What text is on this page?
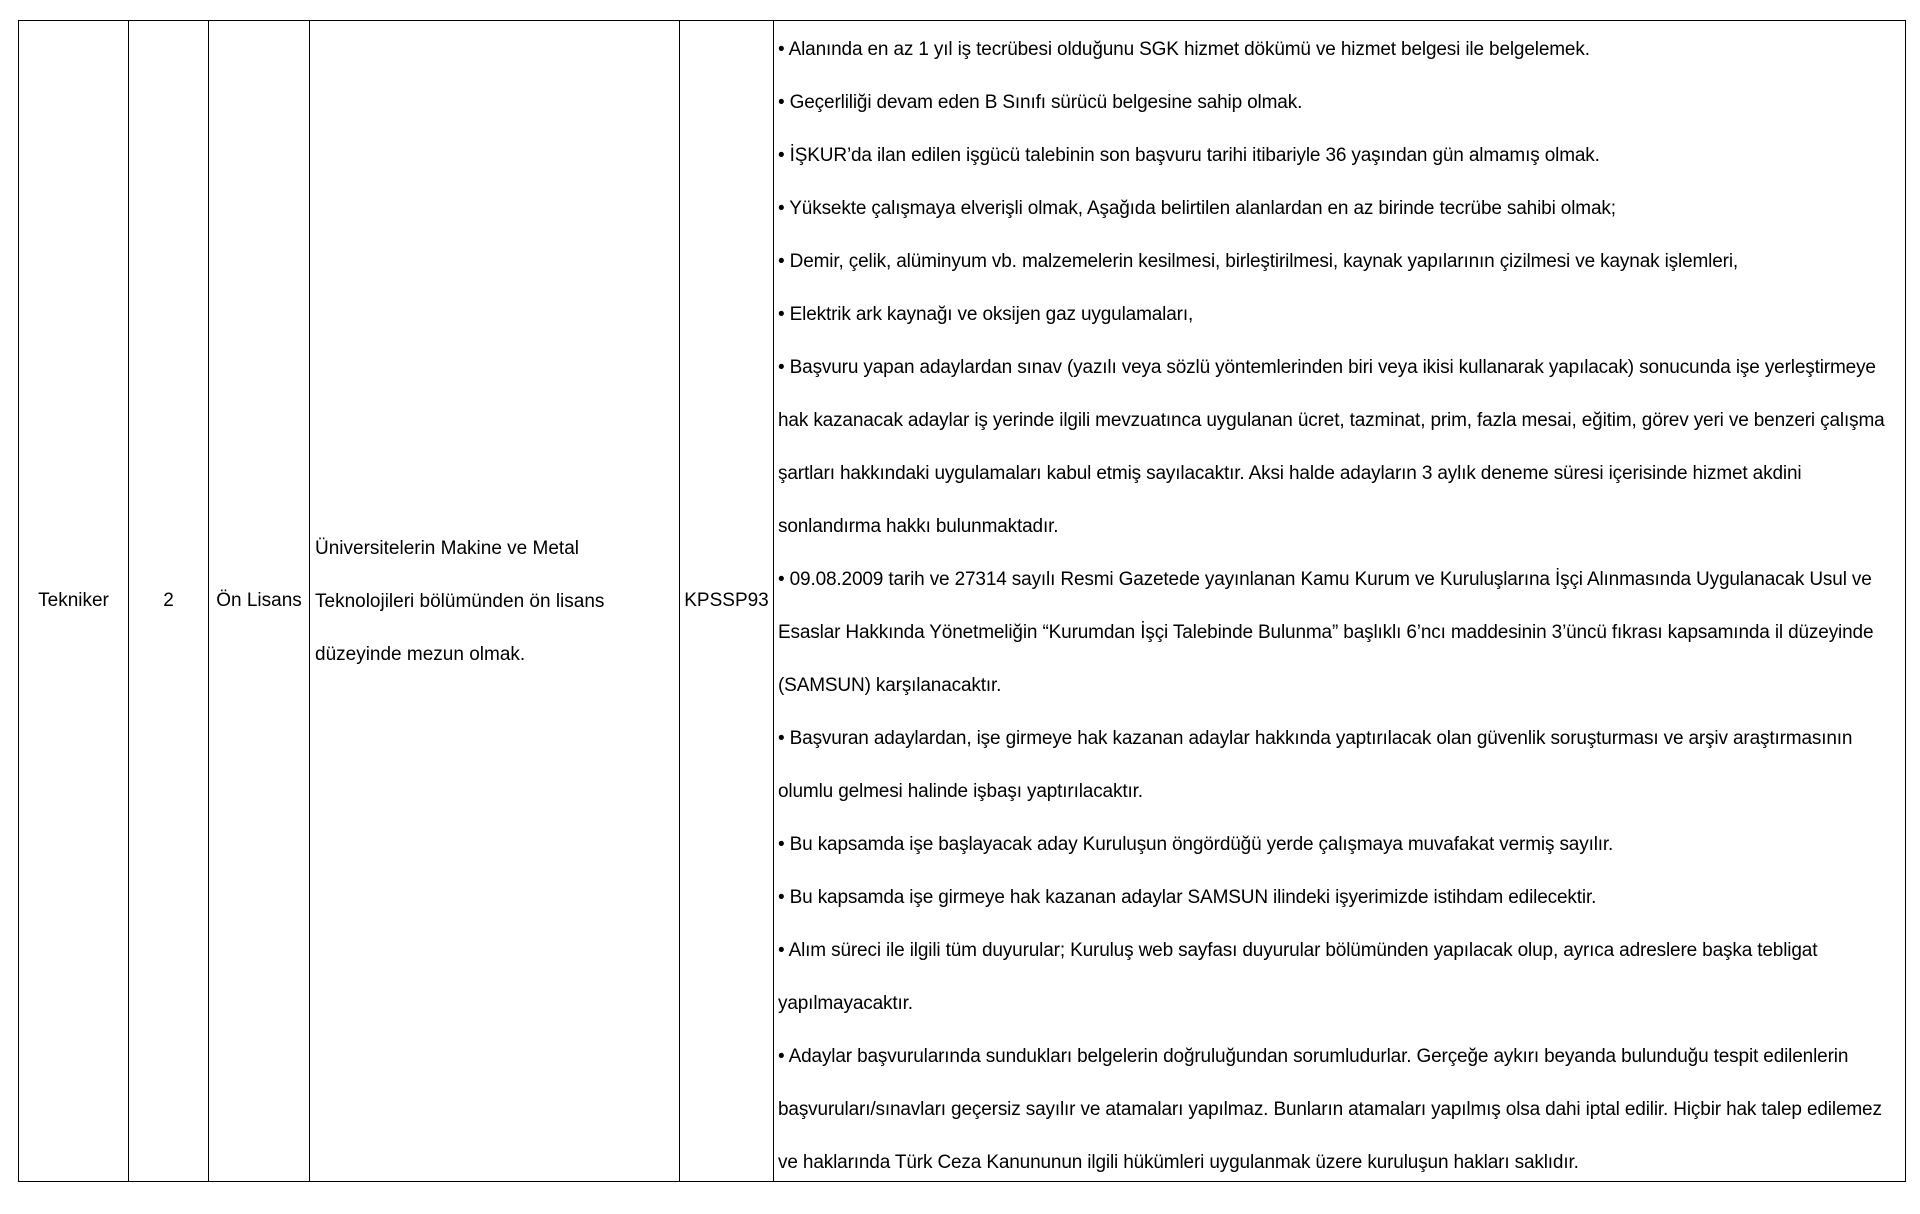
Tekniker	2 Ön Lisans
Üniversitelerin Makine ve Metal Teknolojileri bölümünden ön lisans düzeyinde mezun olmak.
KPSSP93
• Alanında en az 1 yıl iş tecrübesi olduğunu SGK hizmet dökümü ve hizmet belgesi ile belgelemek.
• Geçerliliği devam eden B Sınıfı sürücü belgesine sahip olmak.
• İŞKUR’da ilan edilen işgücü talebinin son başvuru tarihi itibariyle 36 yaşından gün almamış olmak.
• Yüksekte çalışmaya elverişli olmak, Aşağıda belirtilen alanlardan en az birinde tecrübe sahibi olmak;
• Demir, çelik, alüminyum vb. malzemelerin kesilmesi, birleştirilmesi, kaynak yapılarının çizilmesi ve kaynak işlemleri,
• Elektrik ark kaynağı ve oksijen gaz uygulamaları,
• Başvuru yapan adaylardan sınav (yazılı veya sözlü yöntemlerinden biri veya ikisi kullanarak yapılacak) sonucunda işe yerleştirmeye hak kazanacak adaylar iş yerinde ilgili mevzuatınca uygulanan ücret, tazminat, prim, fazla mesai, eğitim, görev yeri ve benzeri çalışma şartları hakkındaki uygulamaları kabul etmiş sayılacaktır. Aksi halde adayların 3 aylık deneme süresi içerisinde hizmet akdini sonlandırma hakkı bulunmaktadır.
• 09.08.2009 tarih ve 27314 sayılı Resmi Gazetede yayınlanan Kamu Kurum ve Kuruluşlarına İşçi Alınmasında Uygulanacak Usul ve Esaslar Hakkında Yönetmeliğin “Kurumdan İşçi Talebinde Bulunma” başlıklı 6’ncı maddesinin 3’üncü fıkrası kapsamında il düzeyinde (SAMSUN) karşılanacaktır.
• Başvuran adaylardan, işe girmeye hak kazanan adaylar hakkında yaptırılacak olan güvenlik soruşturması ve arşiv araştırmasının olumlu gelmesi halinde işbaşı yaptırılacaktır.
• Bu kapsamda işe başlayacak aday Kuruluşun öngördüğü yerde çalışmaya muvafakat vermiş sayılır.
• Bu kapsamda işe girmeye hak kazanan adaylar SAMSUN ilindeki işyerimizde istihdam edilecektir.
• Alım süreci ile ilgili tüm duyurular; Kuruluş web sayfası duyurular bölümünden yapılacak olup, ayrıca adreslere başka tebligat yapılmayacaktır.
• Adaylar başvurularında sundukları belgelerin doğruluğundan sorumludurlar. Gerçeğe aykırı beyanda bulunduğu tespit edilenlerin başvuruları/sınavları geçersiz sayılır ve atamaları yapılmaz. Bunların atamaları yapılmış olsa dahi iptal edilir. Hiçbir hak talep edilemez ve haklarında Türk Ceza Kanununun ilgili hükümleri uygulanmak üzere kuruluşun hakları saklıdır.
